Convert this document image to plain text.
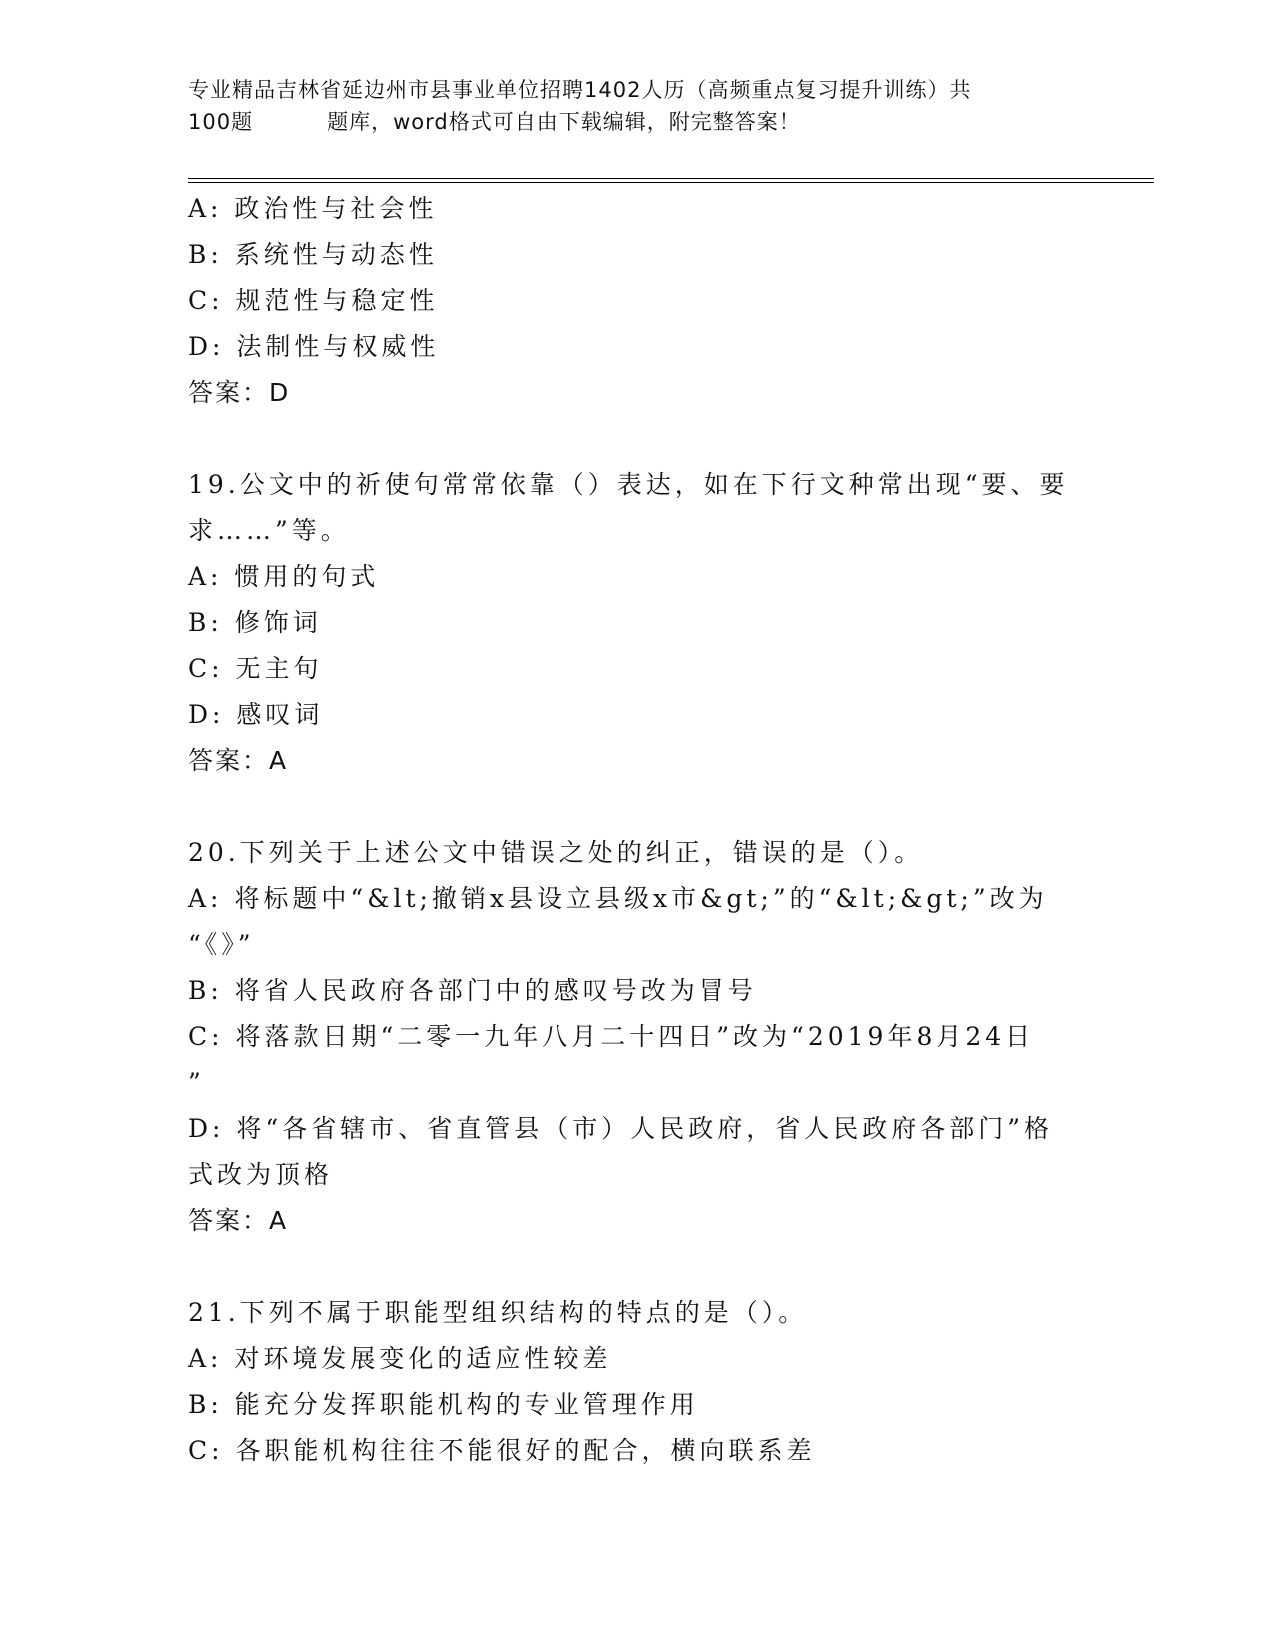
专业精品吉林省延边州市县事业单位招聘1402人历（高频重点复习提升训练）共
100题	题库，word格式可自由下载编辑，附完整答案！
A: 政治性与社会性
B: 系统性与动态性
C: 规范性与稳定性
D: 法制性与权威性
答案：D
19.公文中的祈使句常常依靠（）表达，如在下行文种常出现“要、要
求……”等。
A: 惯用的句式
B: 修饰词
C: 无主句
D: 感叹词
答案：A
20.下列关于上述公文中错误之处的纠正，错误的是（）。
A: 将标题中“&lt;撤销x县设立县级x市&gt;”的“&lt;&gt;”改为
“《》”
B: 将省人民政府各部门中的感叹号改为冒号
C: 将落款日期“二零一九年八月二十四日”改为“2019年8月24日
”
D: 将“各省辖市、省直管县（市）人民政府，省人民政府各部门”格
式改为顶格
答案：A
21.下列不属于职能型组织结构的特点的是（）。
A: 对环境发展变化的适应性较差
B: 能充分发挥职能机构的专业管理作用
C: 各职能机构往往不能很好的配合，横向联系差
